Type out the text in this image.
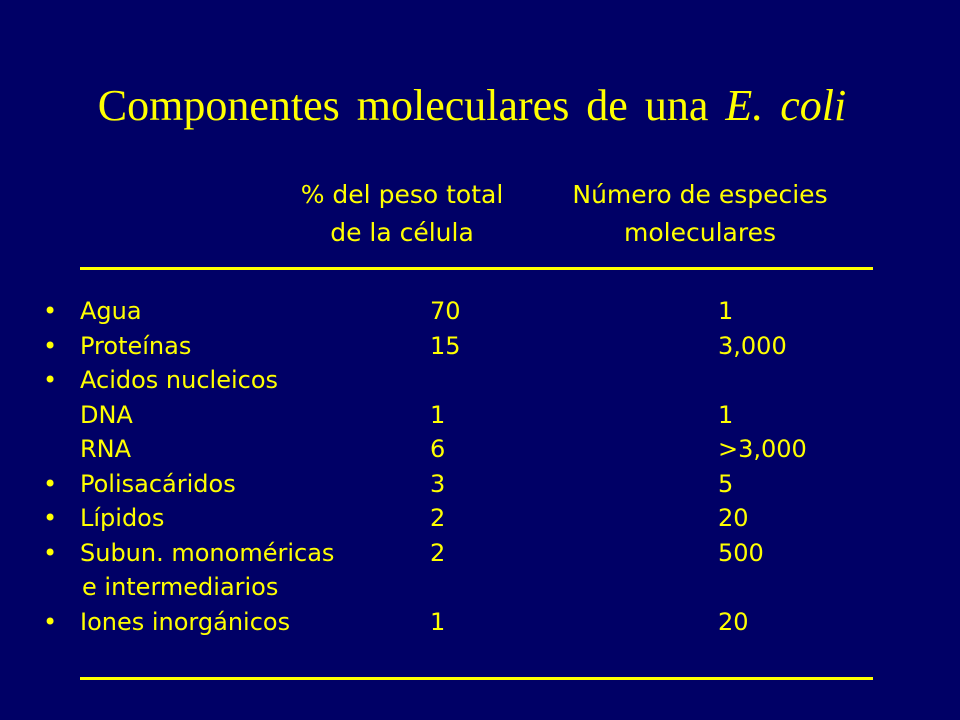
Componentes moleculares de una E. coli
% del peso total
de la célula
Número de especies
moleculares
• Agua	70	1
• Proteínas	15	3,000
• Acidos nucleicos
DNA	1	1
RNA	6	>3,000
• Polisacáridos	3	5
• Lípidos	2	20
• Subun. monoméricas	2	500
e intermediarios
• Iones inorgánicos	1	20
